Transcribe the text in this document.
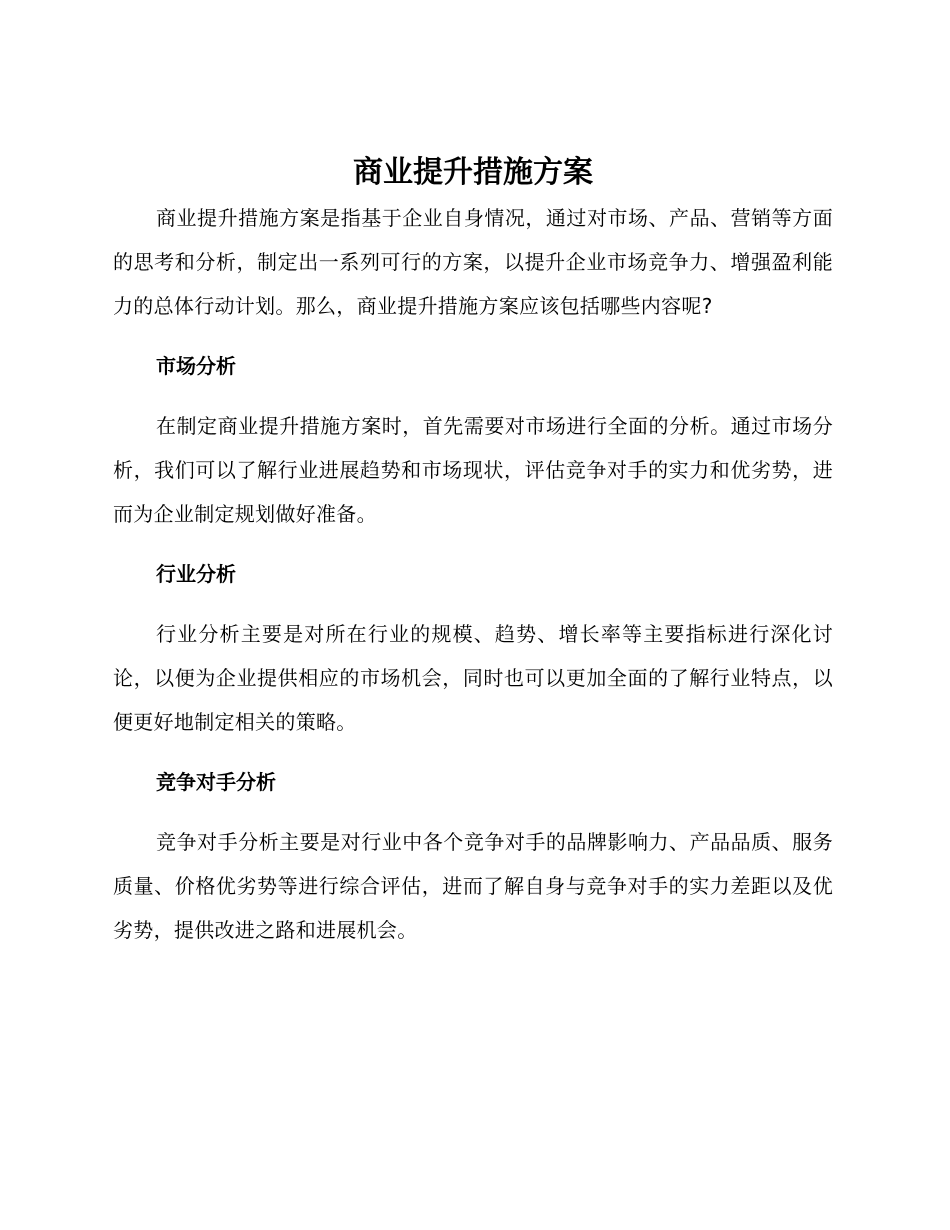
商业提升措施方案

商业提升措施方案是指基于企业自身情况，通过对市场、产品、营销等方面的思考和分析，制定出一系列可行的方案，以提升企业市场竞争力、增强盈利能力的总体行动计划。那么，商业提升措施方案应该包括哪些内容呢?

市场分析

在制定商业提升措施方案时，首先需要对市场进行全面的分析。通过市场分析，我们可以了解行业进展趋势和市场现状，评估竞争对手的实力和优劣势，进而为企业制定规划做好准备。

行业分析

行业分析主要是对所在行业的规模、趋势、增长率等主要指标进行深化讨论，以便为企业提供相应的市场机会，同时也可以更加全面的了解行业特点，以便更好地制定相关的策略。

竞争对手分析

竞争对手分析主要是对行业中各个竞争对手的品牌影响力、产品品质、服务质量、价格优劣势等进行综合评估，进而了解自身与竞争对手的实力差距以及优劣势，提供改进之路和进展机会。
